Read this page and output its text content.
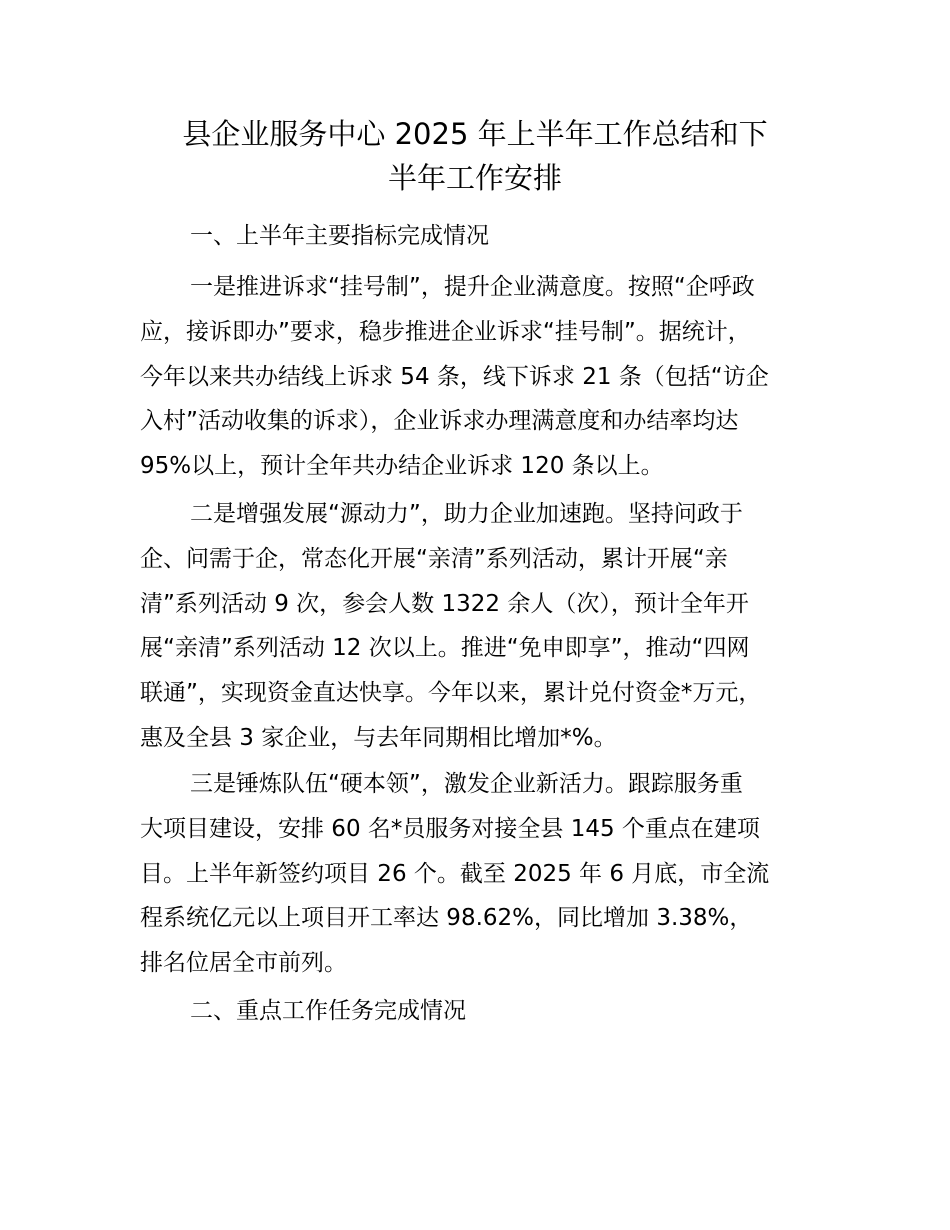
县企业服务中心 2025 年上半年工作总结和下
半年工作安排

一、上半年主要指标完成情况

一是推进诉求“挂号制”，提升企业满意度。按照“企呼政
应，接诉即办”要求，稳步推进企业诉求“挂号制”。据统计，
今年以来共办结线上诉求 54 条，线下诉求 21 条（包括“访企
入村”活动收集的诉求），企业诉求办理满意度和办结率均达
95%以上，预计全年共办结企业诉求 120 条以上。
二是增强发展“源动力”，助力企业加速跑。坚持问政于
企、问需于企，常态化开展“亲清”系列活动，累计开展“亲
清”系列活动 9 次，参会人数 1322 余人（次），预计全年开
展“亲清”系列活动 12 次以上。推进“免申即享”，推动“四网
联通”，实现资金直达快享。今年以来，累计兑付资金*万元，
惠及全县 3 家企业，与去年同期相比增加*%。
三是锤炼队伍“硬本领”，激发企业新活力。跟踪服务重
大项目建设，安排 60 名*员服务对接全县 145 个重点在建项
目。上半年新签约项目 26 个。截至 2025 年 6 月底，市全流
程系统亿元以上项目开工率达 98.62%，同比增加 3.38%，
排名位居全市前列。

二、重点工作任务完成情况
